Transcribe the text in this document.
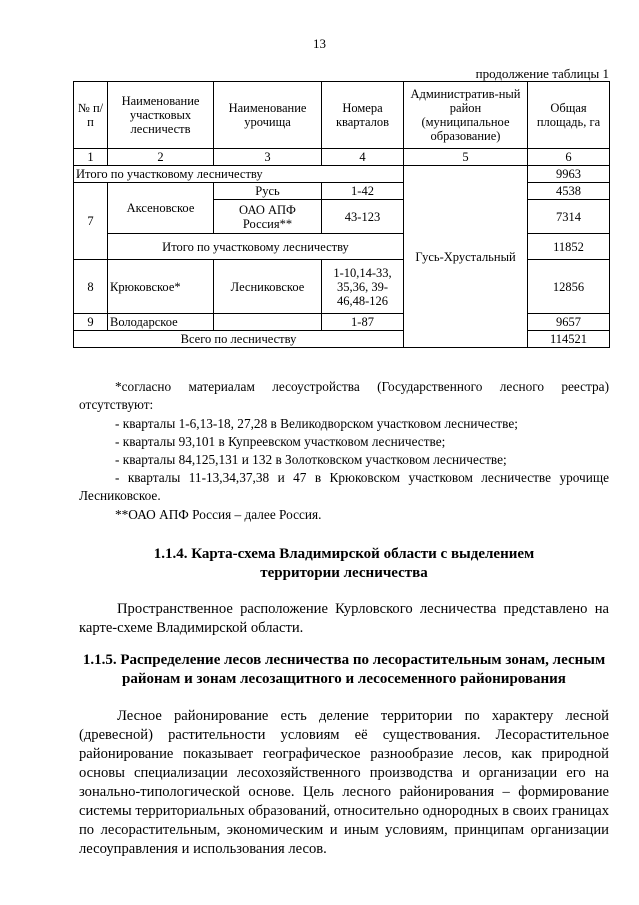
13
продолжение таблицы 1
№ п/п	Наименование участковых лесничеств	Наименование урочища	Номера кварталов	Административ-ный район (муниципальное образование)	Общая площадь, га
1	2	3	4	5	6
Итого по участковому лесничеству				Гусь-Хрустальный	9963
7	Аксеновское	Русь	1-42		4538
		ОАО АПФ Россия**	43-123		7314
	Итого по участковому лесничеству				11852
8	Крюковское*	Лесниковское	1-10,14-33, 35,36, 39-46,48-126		12856
9	Володарское		1-87		9657
Всего по лесничеству					114521
*согласно материалам лесоустройства (Государственного лесного реестра) отсутствуют:
- кварталы 1-6,13-18, 27,28 в Великодворском участковом лесничестве;
- кварталы 93,101 в Купреевском участковом лесничестве;
- кварталы 84,125,131 и 132 в Золотковском участковом лесничестве;
- кварталы 11-13,34,37,38 и 47 в Крюковском участковом лесничестве урочище Лесниковское.
**ОАО АПФ Россия – далее Россия.
1.1.4. Карта-схема Владимирской области с выделением
территории лесничества
Пространственное расположение Курловского лесничества представлено на карте-схеме Владимирской области.
1.1.5. Распределение лесов лесничества по лесорастительным зонам, лесным
районам и зонам лесозащитного и лесосеменного районирования
Лесное районирование есть деление территории по характеру лесной (древесной) растительности условиям её существования. Лесорастительное районирование показывает географическое разнообразие лесов, как природной основы специализации лесохозяйственного производства и организации его на зонально-типологической основе. Цель лесного районирования – формирование системы территориальных образований, относительно однородных в своих границах по лесорастительным, экономическим и иным условиям, принципам организации лесоуправления и использования лесов.
